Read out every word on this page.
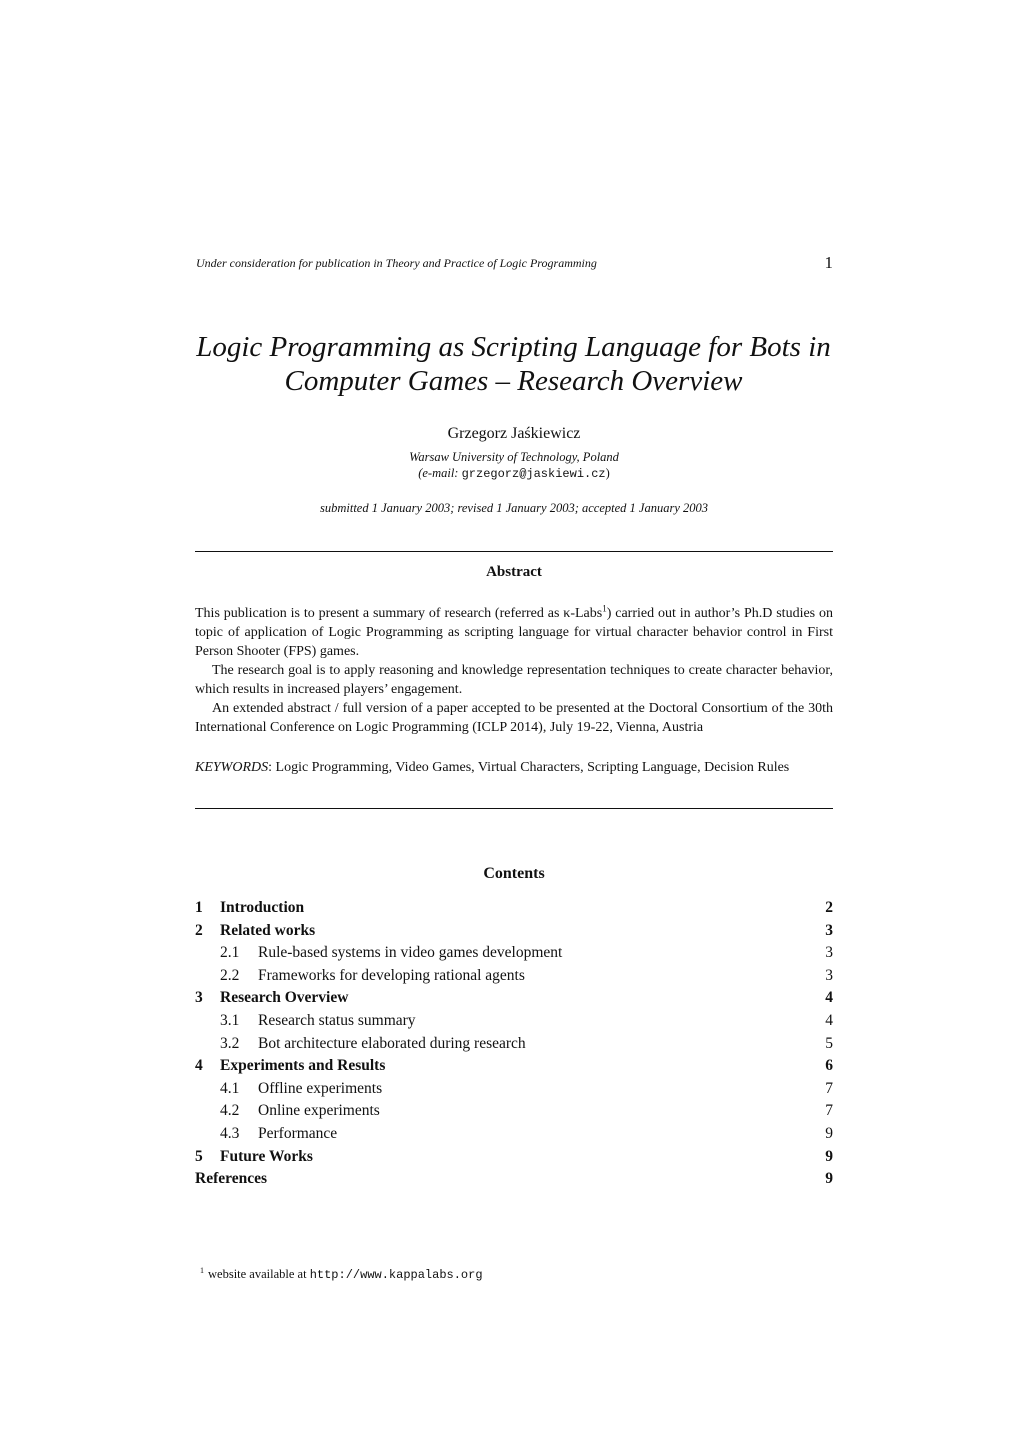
Under consideration for publication in Theory and Practice of Logic Programming	1
Logic Programming as Scripting Language for Bots in
Computer Games – Research Overview
Grzegorz Jaśkiewicz
Warsaw University of Technology, Poland
(e-mail: grzegorz@jaskiewi.cz)
submitted 1 January 2003; revised 1 January 2003; accepted 1 January 2003
Abstract

This publication is to present a summary of research (referred as κ-Labs$^1$) carried out in author’s Ph.D studies on topic of application of Logic Programming as scripting language for virtual character behavior control in First Person Shooter (FPS) games.

The research goal is to apply reasoning and knowledge representation techniques to create character behavior, which results in increased players’ engagement.

An extended abstract / full version of a paper accepted to be presented at the Doctoral Consortium of the 30th International Conference on Logic Programming (ICLP 2014), July 19-22, Vienna, Austria

KEYWORDS: Logic Programming, Video Games, Virtual Characters, Scripting Language, Decision Rules
Contents
1 Introduction	2
2 Related works	3
2.1 Rule-based systems in video games development	3
2.2 Frameworks for developing rational agents	3
3 Research Overview	4
3.1 Research status summary	4
3.2 Bot architecture elaborated during research	5
4 Experiments and Results	6
4.1 Offline experiments	7
4.2 Online experiments	7
4.3 Performance	9
5 Future Works	9
References	9
$^1$ website available at http://www.kappalabs.org
